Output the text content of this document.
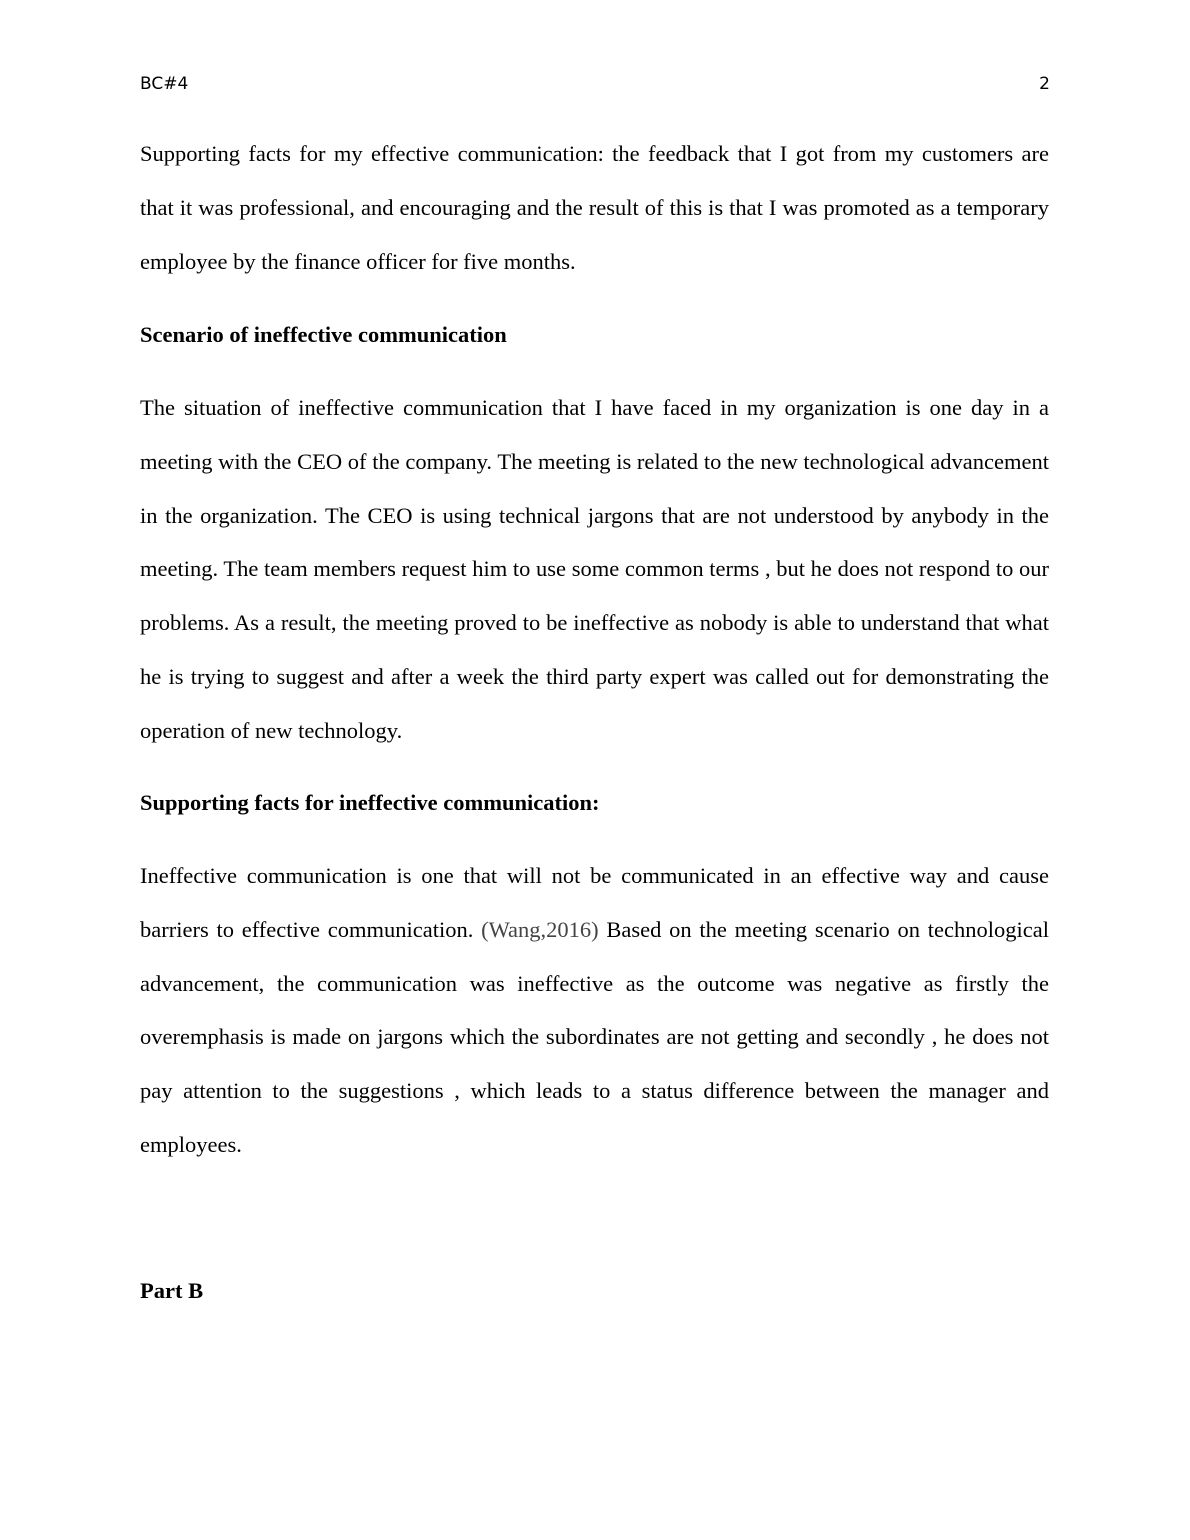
BC#4	2

Supporting facts for my effective communication: the feedback that I got from my customers are that it was professional, and encouraging and the result of this is that I was promoted as a temporary employee by the finance officer for five months.

Scenario of ineffective communication

The situation of ineffective communication that I have faced in my organization is one day in a meeting with the CEO of the company. The meeting is related to the new technological advancement in the organization. The CEO is using technical jargons that are not understood by anybody in the meeting. The team members request him to use some common terms , but he does not respond to our problems. As a result, the meeting proved to be ineffective as nobody is able to understand that what he is trying to suggest and after a week the third party expert was called out for demonstrating the operation of new technology.

Supporting facts for ineffective communication:

Ineffective communication is one that will not be communicated in an effective way and cause barriers to effective communication. (Wang,2016) Based on the meeting scenario on technological advancement, the communication was ineffective as the outcome was negative as firstly the overemphasis is made on jargons which the subordinates are not getting and secondly , he does not pay attention to the suggestions , which leads to a status difference between the manager and employees.

Part B
